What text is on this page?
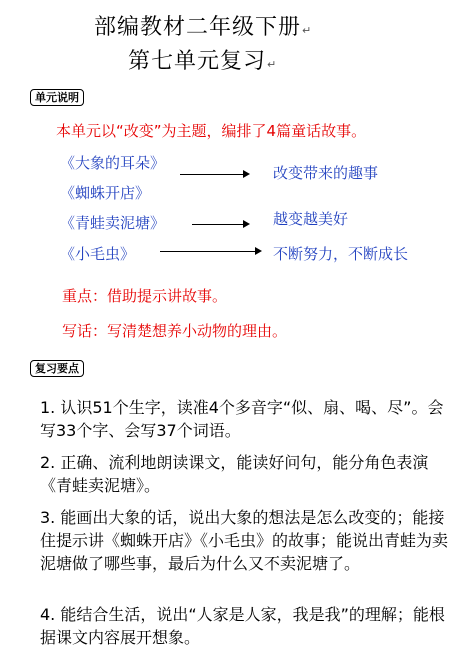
部编教材二年级下册↵
第七单元复习↵
单元说明
本单元以“改变”为主题，编排了4篇童话故事。
《大象的耳朵》
改变带来的趣事
《蜘蛛开店》
《青蛙卖泥塘》	越变越美好
《小毛虫》	不断努力，不断成长
重点：借助提示讲故事。
写话：写清楚想养小动物的理由。
复习要点
1. 认识51个生字，读准4个多音字“似、扇、喝、尽”。会写33个字、会写37个词语。
2. 正确、流利地朗读课文，能读好问句，能分角色表演《青蛙卖泥塘》。
3. 能画出大象的话，说出大象的想法是怎么改变的；能接住提示讲《蜘蛛开店》《小毛虫》的故事；能说出青蛙为卖泥塘做了哪些事，最后为什么又不卖泥塘了。
4. 能结合生活，说出“人家是人家，我是我”的理解；能根据课文内容展开想象。
